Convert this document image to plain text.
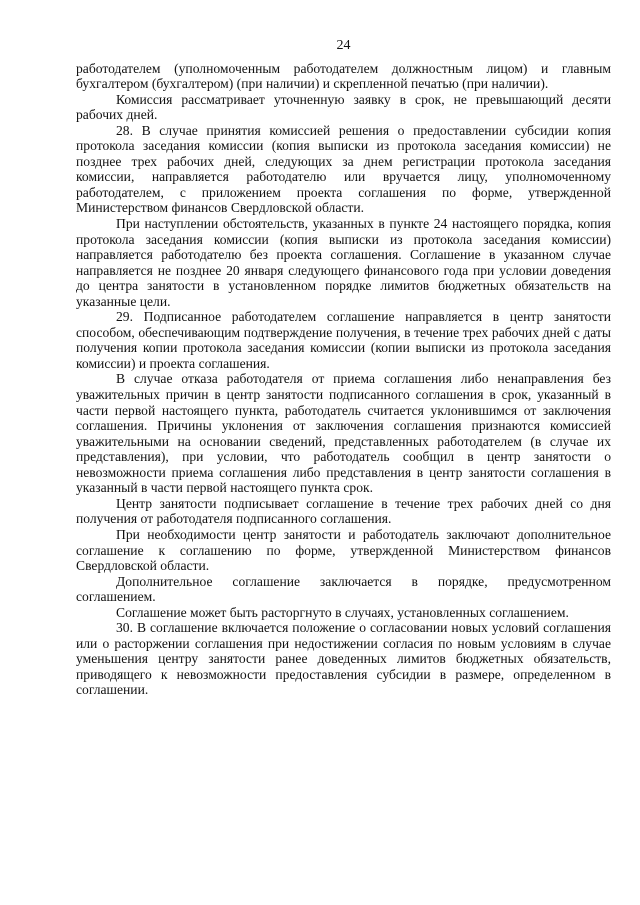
24

работодателем (уполномоченным работодателем должностным лицом) и главным бухгалтером (бухгалтером) (при наличии) и скрепленной печатью (при наличии).

Комиссия рассматривает уточненную заявку в срок, не превышающий десяти рабочих дней.

28. В случае принятия комиссией решения о предоставлении субсидии копия протокола заседания комиссии (копия выписки из протокола заседания комиссии) не позднее трех рабочих дней, следующих за днем регистрации протокола заседания комиссии, направляется работодателю или вручается лицу, уполномоченному работодателем, с приложением проекта соглашения по форме, утвержденной Министерством финансов Свердловской области.

При наступлении обстоятельств, указанных в пункте 24 настоящего порядка, копия протокола заседания комиссии (копия выписки из протокола заседания комиссии) направляется работодателю без проекта соглашения. Соглашение в указанном случае направляется не позднее 20 января следующего финансового года при условии доведения до центра занятости в установленном порядке лимитов бюджетных обязательств на указанные цели.

29. Подписанное работодателем соглашение направляется в центр занятости способом, обеспечивающим подтверждение получения, в течение трех рабочих дней с даты получения копии протокола заседания комиссии (копии выписки из протокола заседания комиссии) и проекта соглашения.

В случае отказа работодателя от приема соглашения либо ненаправления без уважительных причин в центр занятости подписанного соглашения в срок, указанный в части первой настоящего пункта, работодатель считается уклонившимся от заключения соглашения. Причины уклонения от заключения соглашения признаются комиссией уважительными на основании сведений, представленных работодателем (в случае их представления), при условии, что работодатель сообщил в центр занятости о невозможности приема соглашения либо представления в центр занятости соглашения в указанный в части первой настоящего пункта срок.

Центр занятости подписывает соглашение в течение трех рабочих дней со дня получения от работодателя подписанного соглашения.

При необходимости центр занятости и работодатель заключают дополнительное соглашение к соглашению по форме, утвержденной Министерством финансов Свердловской области.

Дополнительное соглашение заключается в порядке, предусмотренном соглашением.

Соглашение может быть расторгнуто в случаях, установленных соглашением.

30. В соглашение включается положение о согласовании новых условий соглашения или о расторжении соглашения при недостижении согласия по новым условиям в случае уменьшения центру занятости ранее доведенных лимитов бюджетных обязательств, приводящего к невозможности предоставления субсидии в размере, определенном в соглашении.
